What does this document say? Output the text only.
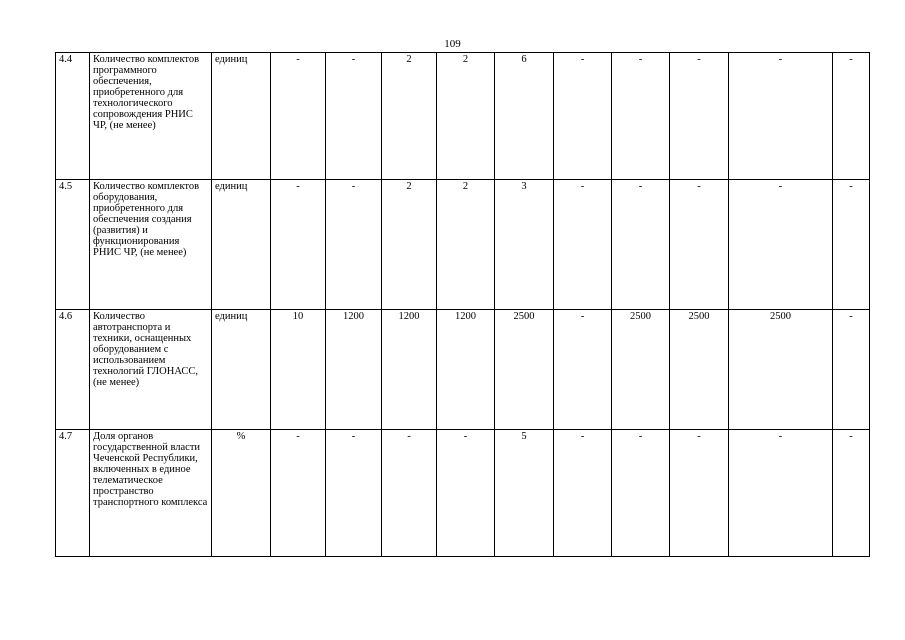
109
4.4	Количество комплектов программного обеспечения, приобретенного для технологического сопровождения РНИС ЧР, (не менее)	единиц	-	-	2	2	6	-	-	-	-	-
4.5	Количество комплектов оборудования, приобретенного для обеспечения создания (развития) и функционирования РНИС ЧР, (не менее)	единиц	-	-	2	2	3	-	-	-	-	-
4.6	Количество автотранспорта и техники, оснащенных оборудованием с использованием технологий ГЛОНАСС, (не менее)	единиц	10	1200	1200	1200	2500	-	2500	2500	2500	-
4.7	Доля органов государственной власти Чеченской Республики, включенных в единое телематическое пространство транспортного комплекса	%	-	-	-	-	5	-	-	-	-	-
